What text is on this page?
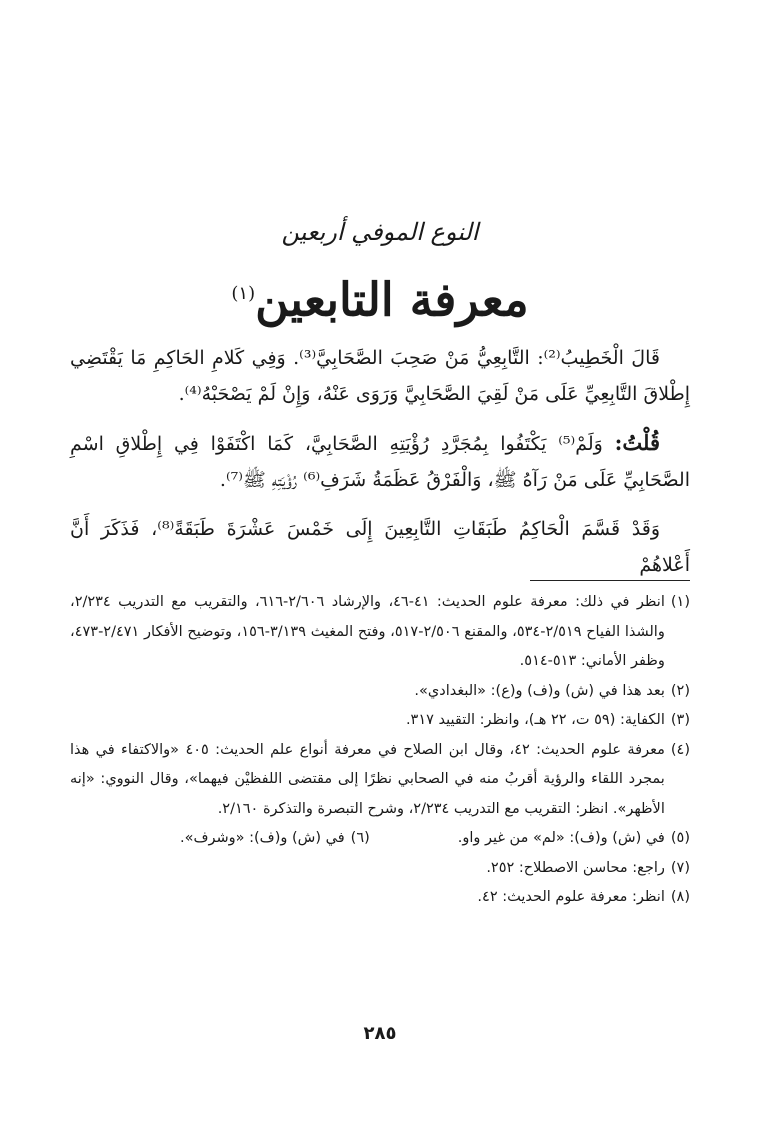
النوع الموفي أربعين
معرفة التابعين$^{(١)}$

قَالَ الْخَطِيبُ⁽²⁾: التَّابِعِيُّ مَنْ صَحِبَ الصَّحَابِيَّ⁽³⁾. وَفِي كَلامِ الحَاكِمِ مَا يَقْتَضِي إِطْلاقَ التَّابِعِيِّ عَلَى مَنْ لَقِيَ الصَّحَابِيَّ وَرَوَى عَنْهُ، وَإِنْ لَمْ يَصْحَبْهُ⁽⁴⁾.

قُلْتُ: وَلَمْ⁽⁵⁾ يَكْتَفُوا بِمُجَرَّدِ رُؤْيَتِهِ الصَّحَابِيَّ، كَمَا اكْتَفَوْا فِي إِطْلاقِ اسْمِ الصَّحَابِيِّ عَلَى مَنْ رَآهُ ﷺ، وَالْفَرْقُ عَظَمَةُ شَرَفِ⁽⁶⁾ رُؤْيَتِهِ ﷺ⁽⁷⁾.

وَقَدْ قَسَّمَ الْحَاكِمُ طَبَقَاتِ التَّابِعِينَ إِلَى خَمْسَ عَشْرَةَ طَبَقَةً⁽⁸⁾، فَذَكَرَ أَنَّ أَعْلاهُمْ

(١)
انظر في ذلك: معرفة علوم الحديث: ٤١-٤٦، والإرشاد ٢/٦٠٦-٦١٦، والتقريب مع التدريب ٢/٢٣٤، والشذا الفياح ٢/٥١٩-٥٣٤، والمقنع ٢/٥٠٦-٥١٧، وفتح المغيث ٣/١٣٩-١٥٦، وتوضيح الأفكار ٢/٤٧١-٤٧٣، وظفر الأماني: ٥١٣-٥١٤.
(٢)
بعد هذا في (ش) و(ف) و(ع): «البغدادي».
(٣)
الكفاية: (٥٩ ت، ٢٢ هـ)، وانظر: التقييد ٣١٧.
(٤)
معرفة علوم الحديث: ٤٢، وقال ابن الصلاح في معرفة أنواع علم الحديث: ٤٠٥ «والاكتفاء في هذا بمجرد اللقاء والرؤية أقربُ منه في الصحابي نظرًا إلى مقتضى اللفظيْن فيهما»، وقال النووي: «إنه الأظهر». انظر: التقريب مع التدريب ٢/٢٣٤، وشرح التبصرة والتذكرة ٢/١٦٠.
(٥)
في (ش) و(ف): «لم» من غير واو.
(٦)
في (ش) و(ف): «وشرف».
(٧)
راجع: محاسن الاصطلاح: ٢٥٢.
(٨)
انظر: معرفة علوم الحديث: ٤٢.
٢٨٥
